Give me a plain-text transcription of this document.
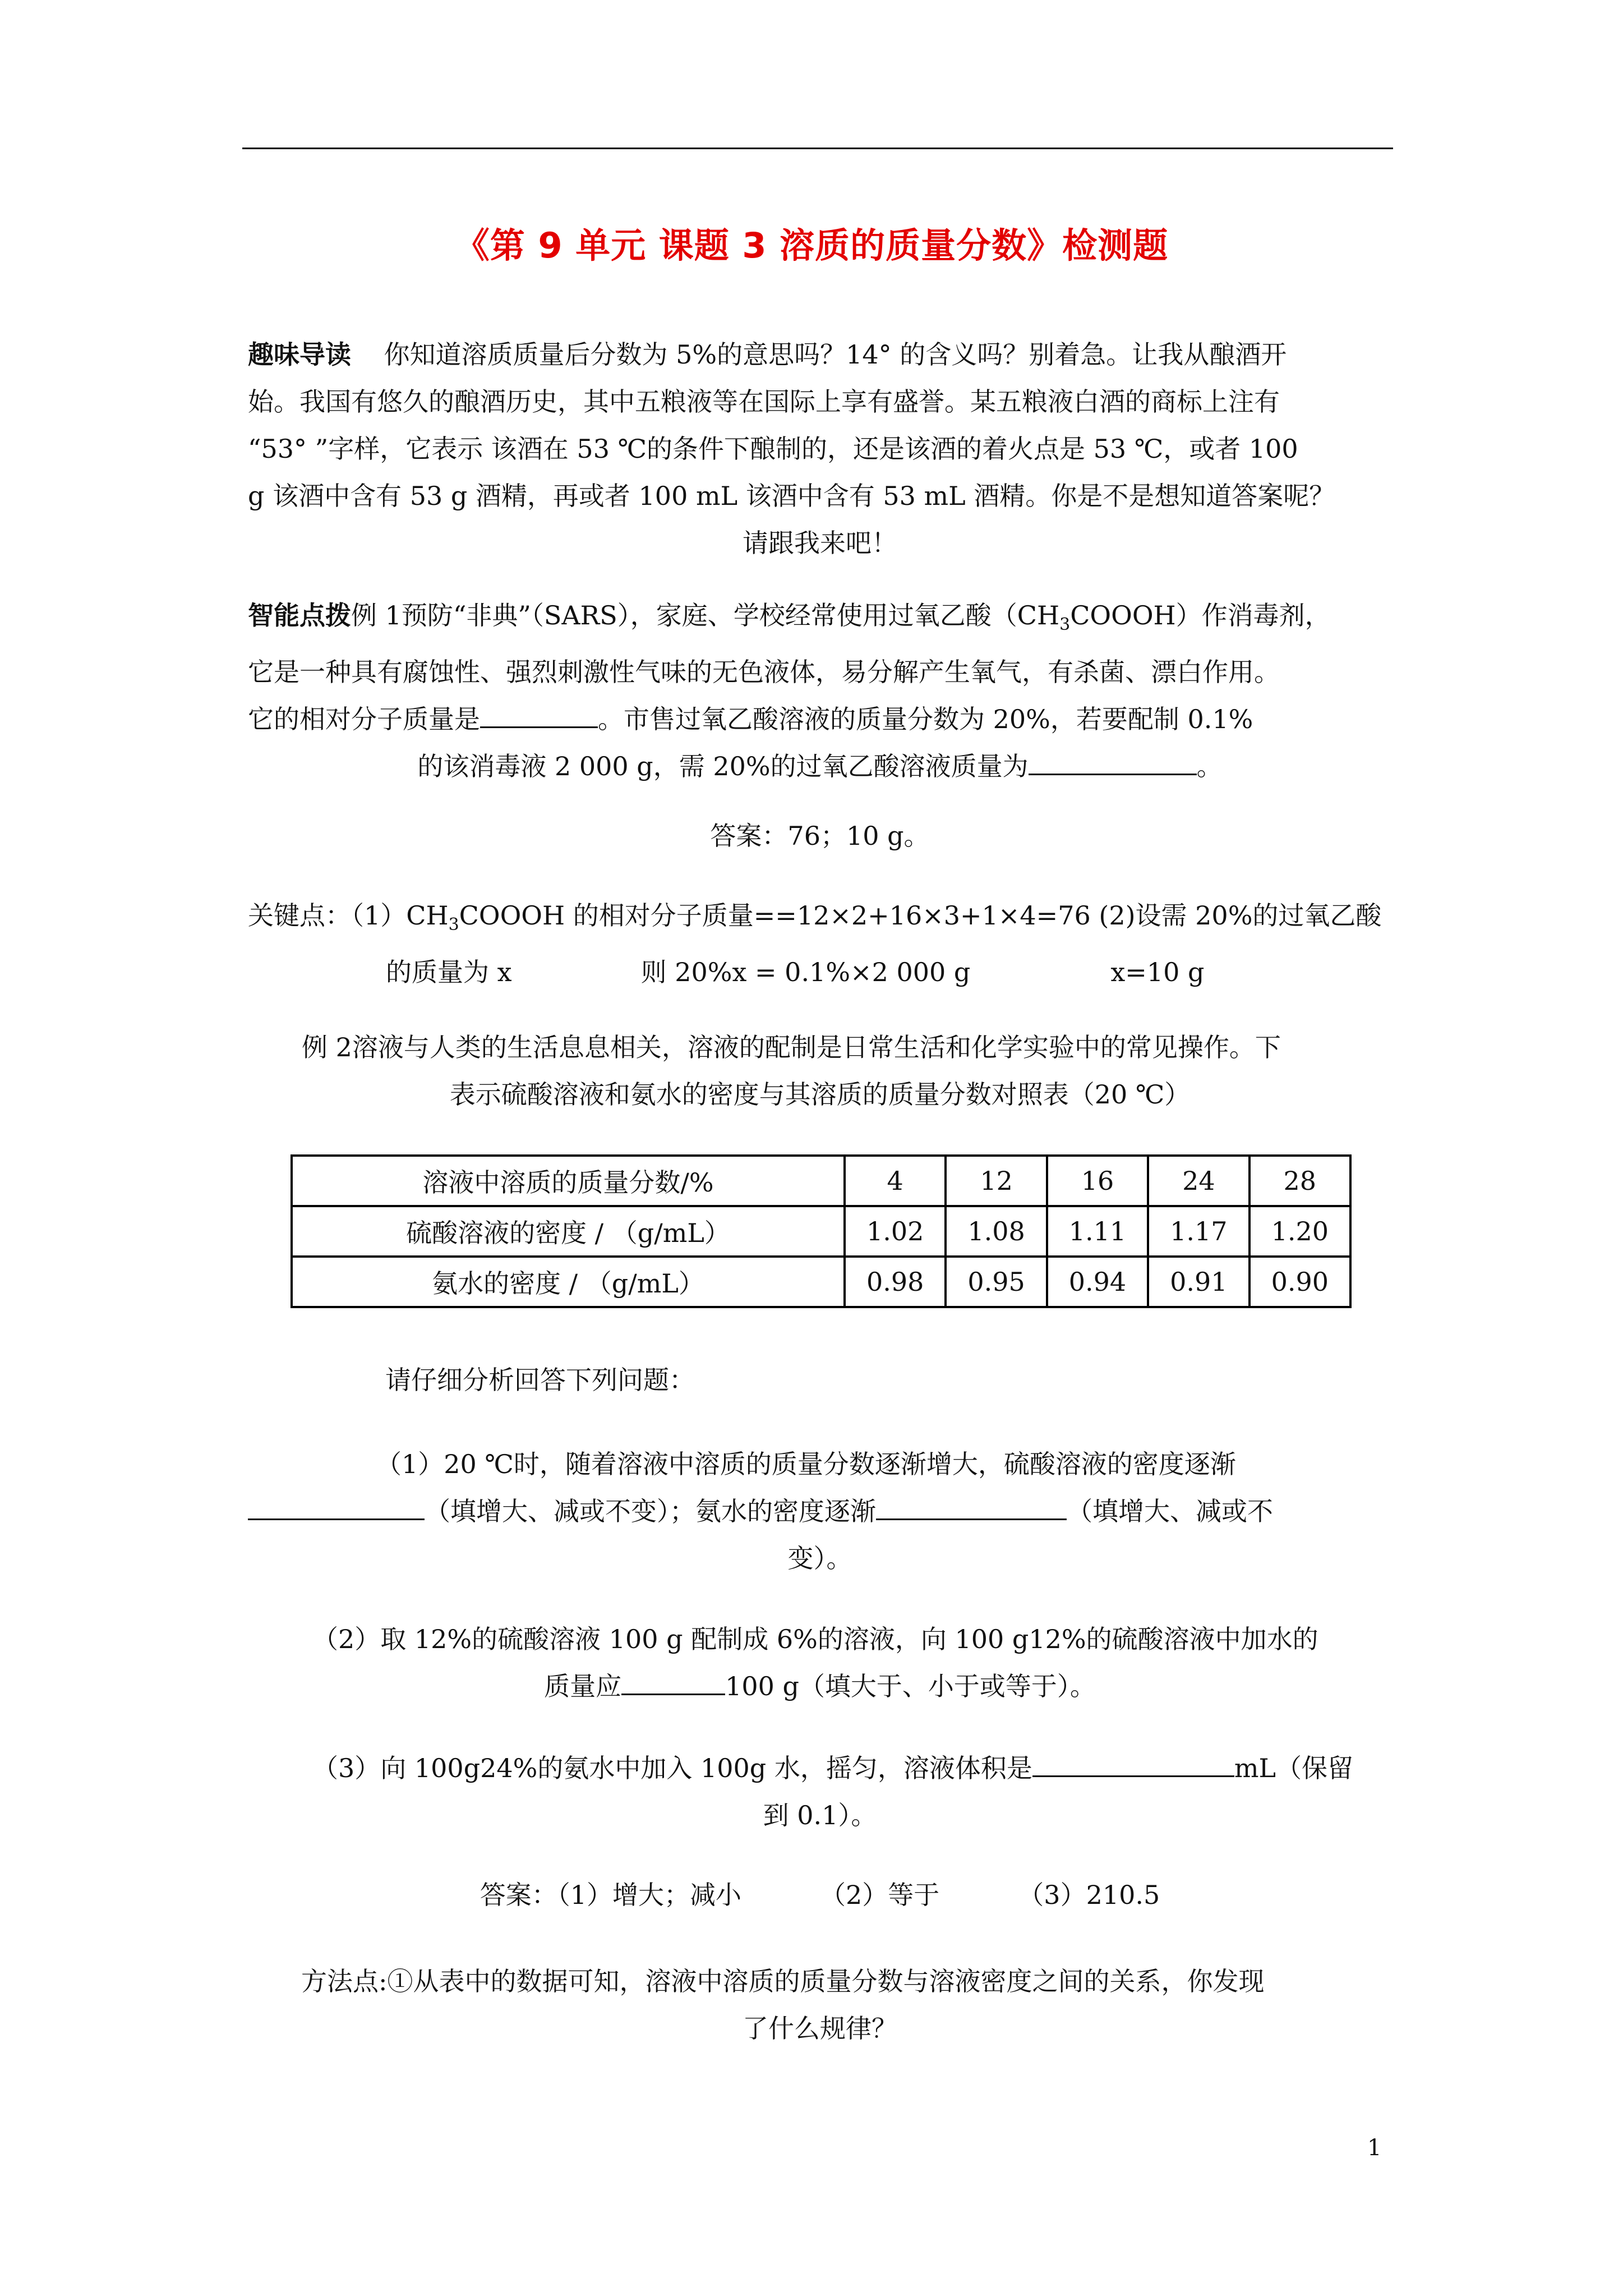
《第 9 单元 课题 3 溶质的质量分数》检测题
趣味导读 你知道溶质质量后分数为 5%的意思吗？14° 的含义吗？别着急。让我从酿酒开
始。我国有悠久的酿酒历史，其中五粮液等在国际上享有盛誉。某五粮液白酒的商标上注有
“53° ”字样，它表示 该酒在 53 ℃的条件下酿制的，还是该酒的着火点是 53 ℃，或者 100
g 该酒中含有 53 g 酒精，再或者 100 mL 该酒中含有 53 mL 酒精。你是不是想知道答案呢？
请跟我来吧！
智能点拨例 1预防“非典”（SARS），家庭、学校经常使用过氧乙酸$(CH_3COOOH)$作消毒剂，
它是一种具有腐蚀性、强烈刺激性气味的无色液体，易分解产生氧气，有杀菌、漂白作用。
它的相对分子质量是	。市售过氧乙酸溶液的质量分数为 20%，若要配制 0.1%
的该消毒液 2 000 g，需 20%的过氧乙酸溶液质量为	。
答案：76；10 g。
关键点：$(1)CH_3COOOH$ 的相对分子质量==12×2+16×3+1×4=76 (2)设需 20%的过氧乙酸
的质量为 x	则 20%x = 0.1%×2 000 g	x=10 g
例 2溶液与人类的生活息息相关，溶液的配制是日常生活和化学实验中的常见操作。下
表示硫酸溶液和氨水的密度与其溶质的质量分数对照表（20 ℃）
溶液中溶质的质量分数/%	4	12	16	24	28
硫酸溶液的密度 / （g/mL）	1.02	1.08	1.11	1.17	1.20
氨水的密度 / （g/mL）	0.98	0.95	0.94	0.91	0.90
请仔细分析回答下列问题：
（1）20 ℃时，随着溶液中溶质的质量分数逐渐增大，硫酸溶液的密度逐渐
（填增大、减或不变）；氨水的密度逐渐	（填增大、减或不
变）。
（2）取 12%的硫酸溶液 100 g 配制成 6%的溶液，向 100 g12%的硫酸溶液中加水的
质量应	100 g（填大于、小于或等于）。
（3）向 100g24%的氨水中加入 100g 水，摇匀，溶液体积是	mL（保留
到 0.1）。
答案：（1）增大；减小	（2）等于	（3）210.5
方法点:①从表中的数据可知，溶液中溶质的质量分数与溶液密度之间的关系，你发现
了什么规律？
1
